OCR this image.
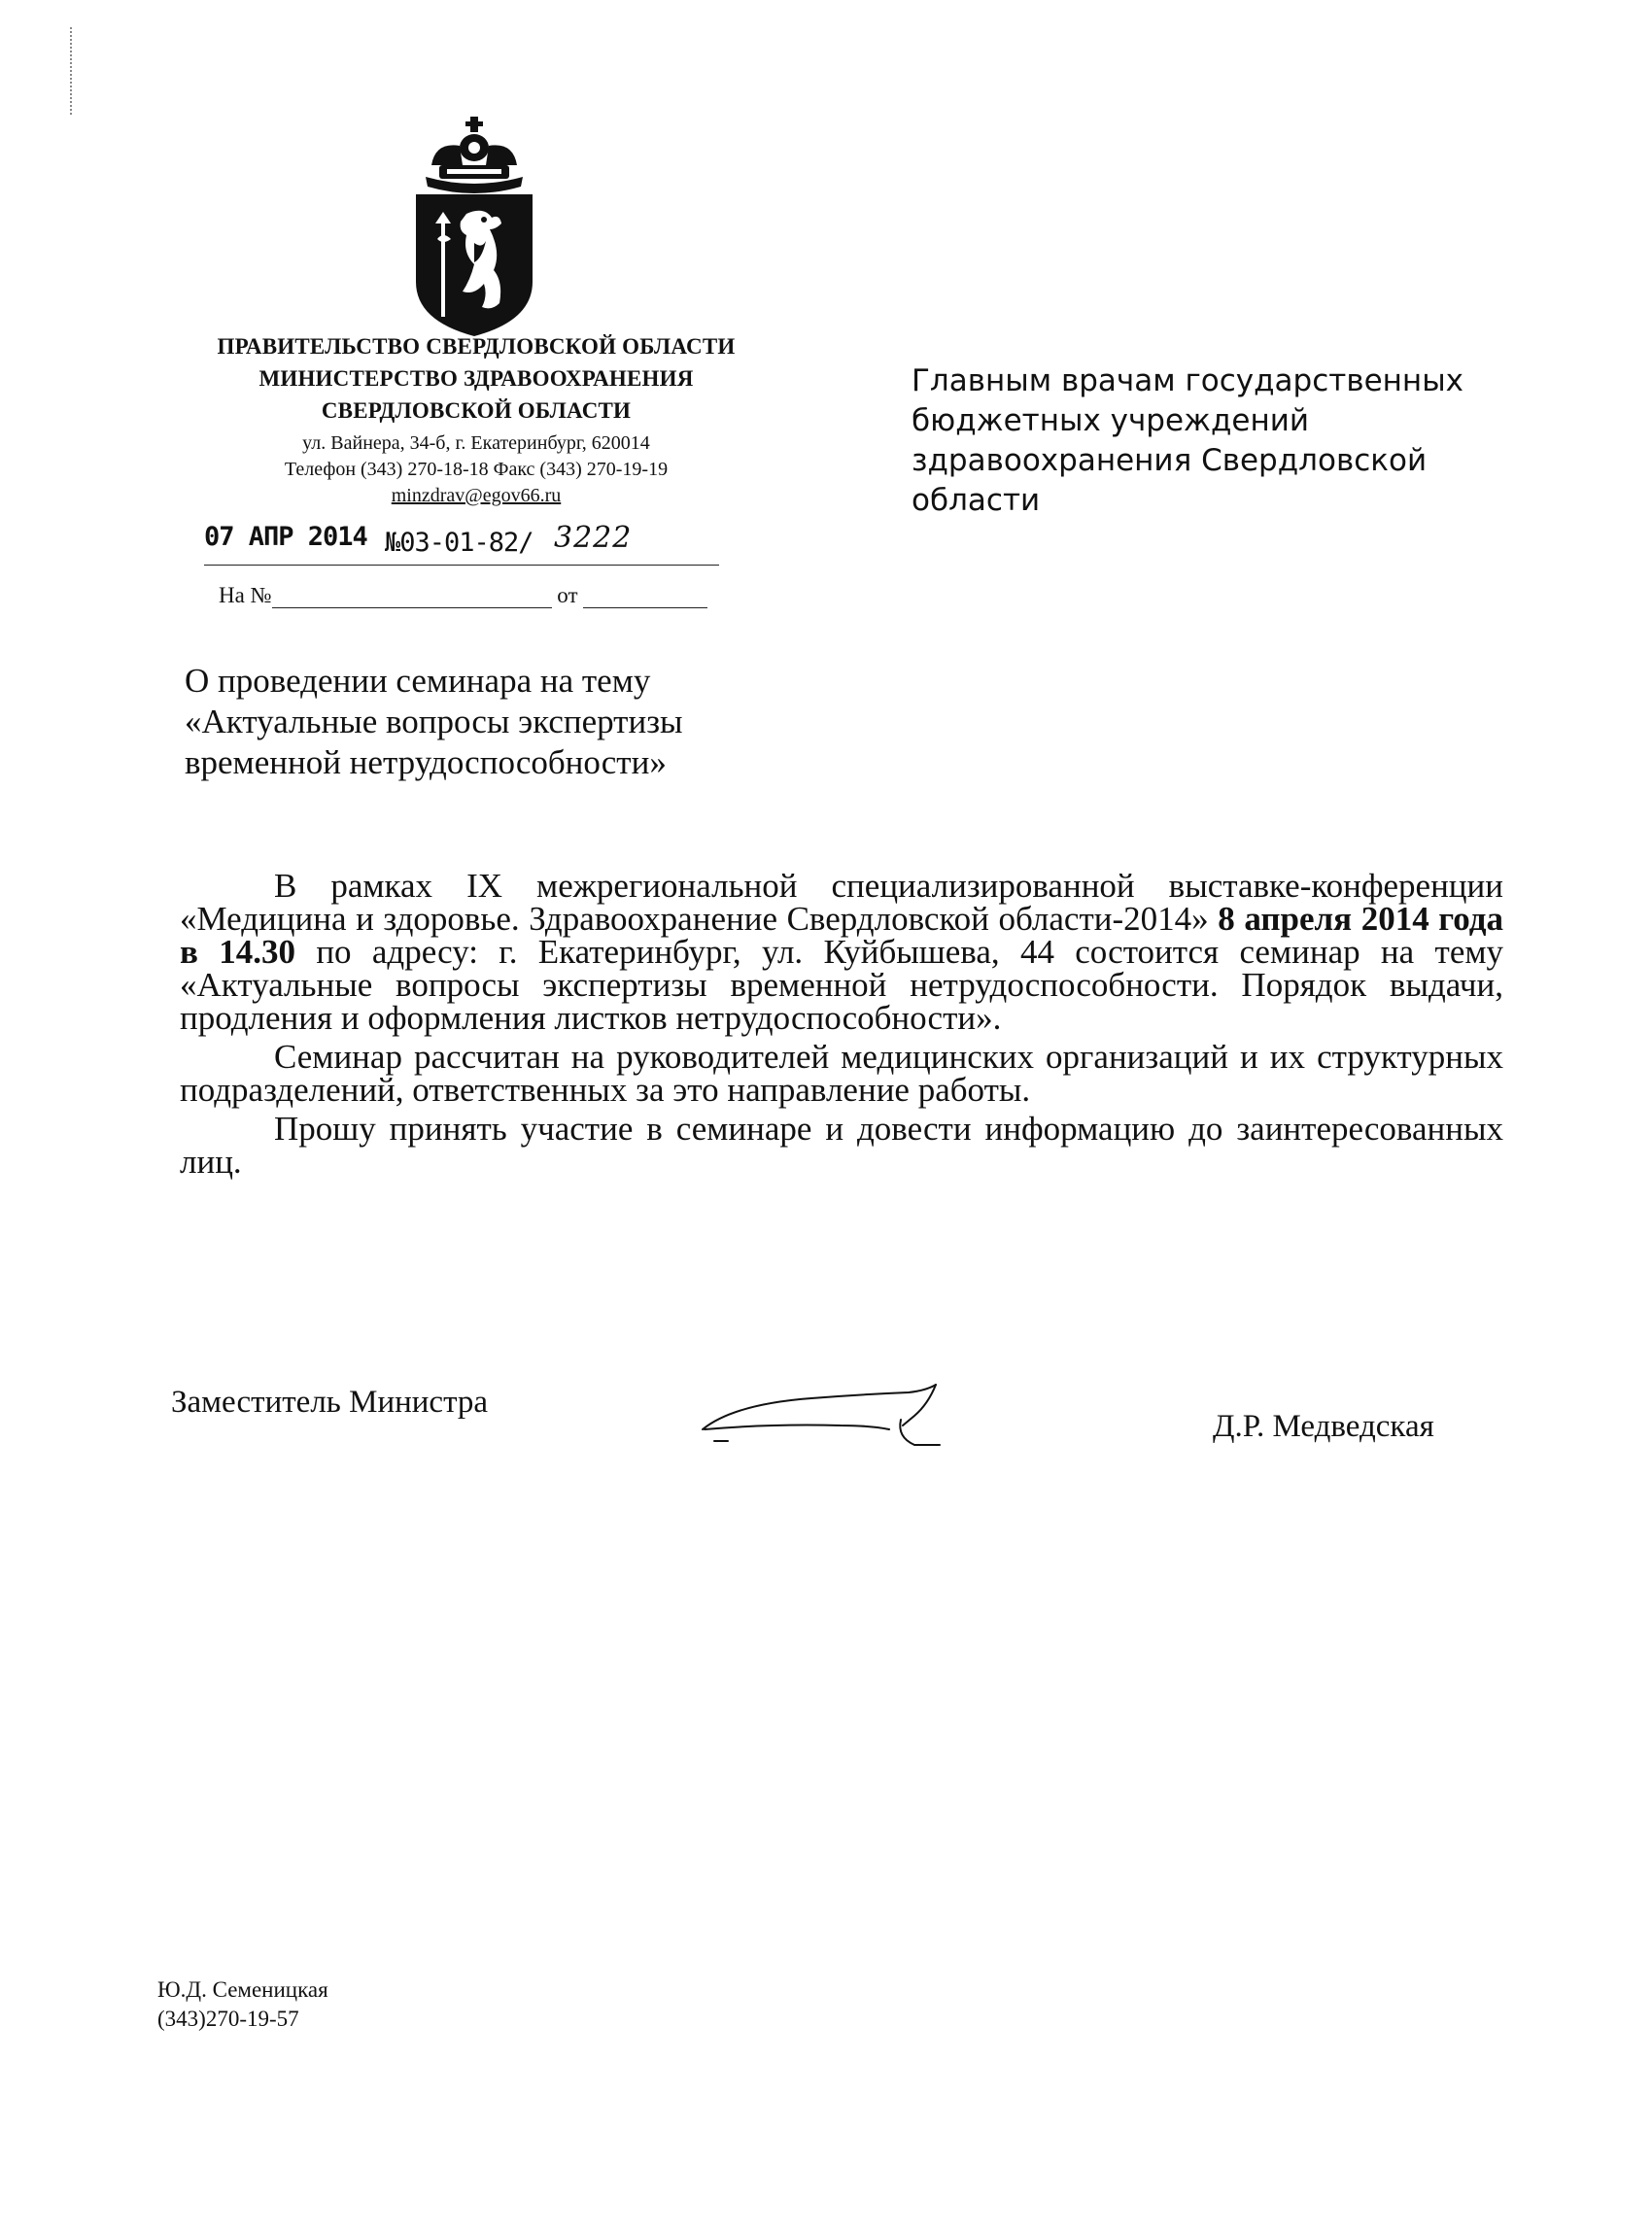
ПРАВИТЕЛЬСТВО СВЕРДЛОВСКОЙ ОБЛАСТИ
МИНИСТЕРСТВО ЗДРАВООХРАНЕНИЯ
СВЕРДЛОВСКОЙ ОБЛАСТИ
ул. Вайнера, 34-б, г. Екатеринбург, 620014
Телефон (343) 270-18-18 Факс (343) 270-19-19
minzdrav@egov66.ru
07 АПР 2014 №03-01-82/ 3222
На №	от
Главным врачам государственных
бюджетных учреждений
здравоохранения Свердловской
области
О проведении семинара на тему
«Актуальные вопросы экспертизы
временной нетрудоспособности»

В рамках IX межрегиональной специализированной выставке-конференции «Медицина и здоровье. Здравоохранение Свердловской области-2014» 8 апреля 2014 года в 14.30 по адресу: г. Екатеринбург, ул. Куйбышева, 44 состоится семинар на тему «Актуальные вопросы экспертизы временной нетрудоспособности. Порядок выдачи, продления и оформления листков нетрудоспособности».

Семинар рассчитан на руководителей медицинских организаций и их структурных подразделений, ответственных за это направление работы.

Прошу принять участие в семинаре и довести информацию до заинтересованных лиц.

Заместитель Министра
Д.Р. Медведская
Ю.Д. Семеницкая
(343)270-19-57
